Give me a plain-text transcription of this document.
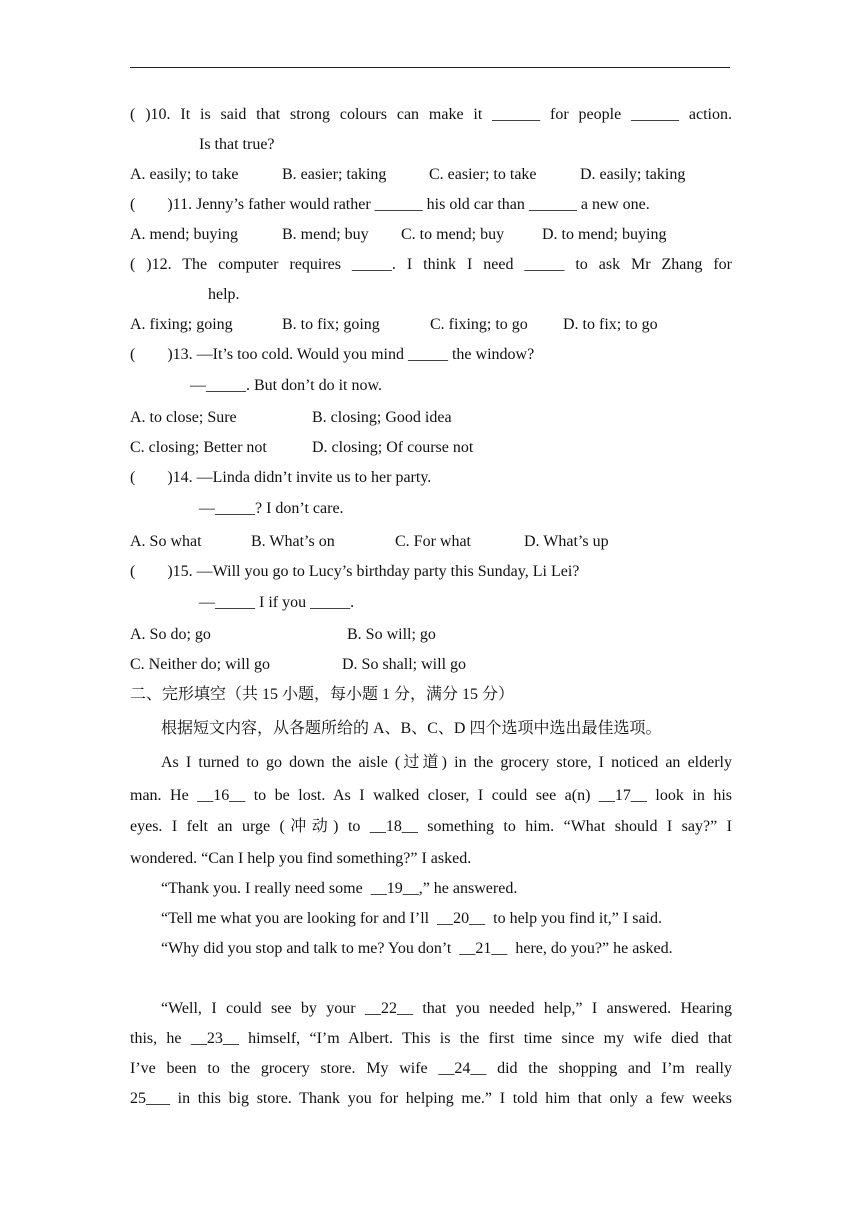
( )10. It is said that strong colours can make it ______ for people ______ action.
Is that true?
A. easily; to take	B. easier; taking	C. easier; to take	D. easily; taking
(        )11. Jenny’s father would rather ______ his old car than ______ a new one.
A. mend; buying	B. mend; buy C. to mend; buy D. to mend; buying
( )12. The computer requires _____. I think I need _____ to ask Mr Zhang for
help.
A. fixing; going	B. to fix; going	C. fixing; to go D. to fix; to go
(        )13. —It’s too cold. Would you mind _____ the window?
—_____. But don’t do it now.
A. to close; Sure	B. closing; Good idea
C. closing; Better not	D. closing; Of course not
(        )14. —Linda didn’t invite us to her party.
—_____? I don’t care.
A. So what	B. What’s on	C. For what	D. What’s up
(        )15. —Will you go to Lucy’s birthday party this Sunday, Li Lei?
—_____ I if you _____.
A. So do; go	B. So will; go
C. Neither do; will go	D. So shall; will go
二、完形填空（共 15 小题，每小题 1 分，满分 15 分）
根据短文内容，从各题所给的 A、B、C、D 四个选项中选出最佳选项。
As I turned to go down the aisle (过道) in the grocery store, I noticed an elderly
man. He __16__ to be lost. As I walked closer, I could see a(n) __17__ look in his
eyes. I felt an urge (冲动) to __18__ something to him. “What should I say?” I
wondered. “Can I help you find something?” I asked.
“Thank you. I really need some  __19__,” he answered.
“Tell me what you are looking for and I’ll  __20__  to help you find it,” I said.
“Why did you stop and talk to me? You don’t  __21__  here, do you?” he asked.
“Well, I could see by your __22__ that you needed help,” I answered. Hearing
this, he __23__ himself, “I’m Albert. This is the first time since my wife died that
I’ve been to the grocery store. My wife __24__ did the shopping and I’m really
25___ in this big store. Thank you for helping me.” I told him that only a few weeks
